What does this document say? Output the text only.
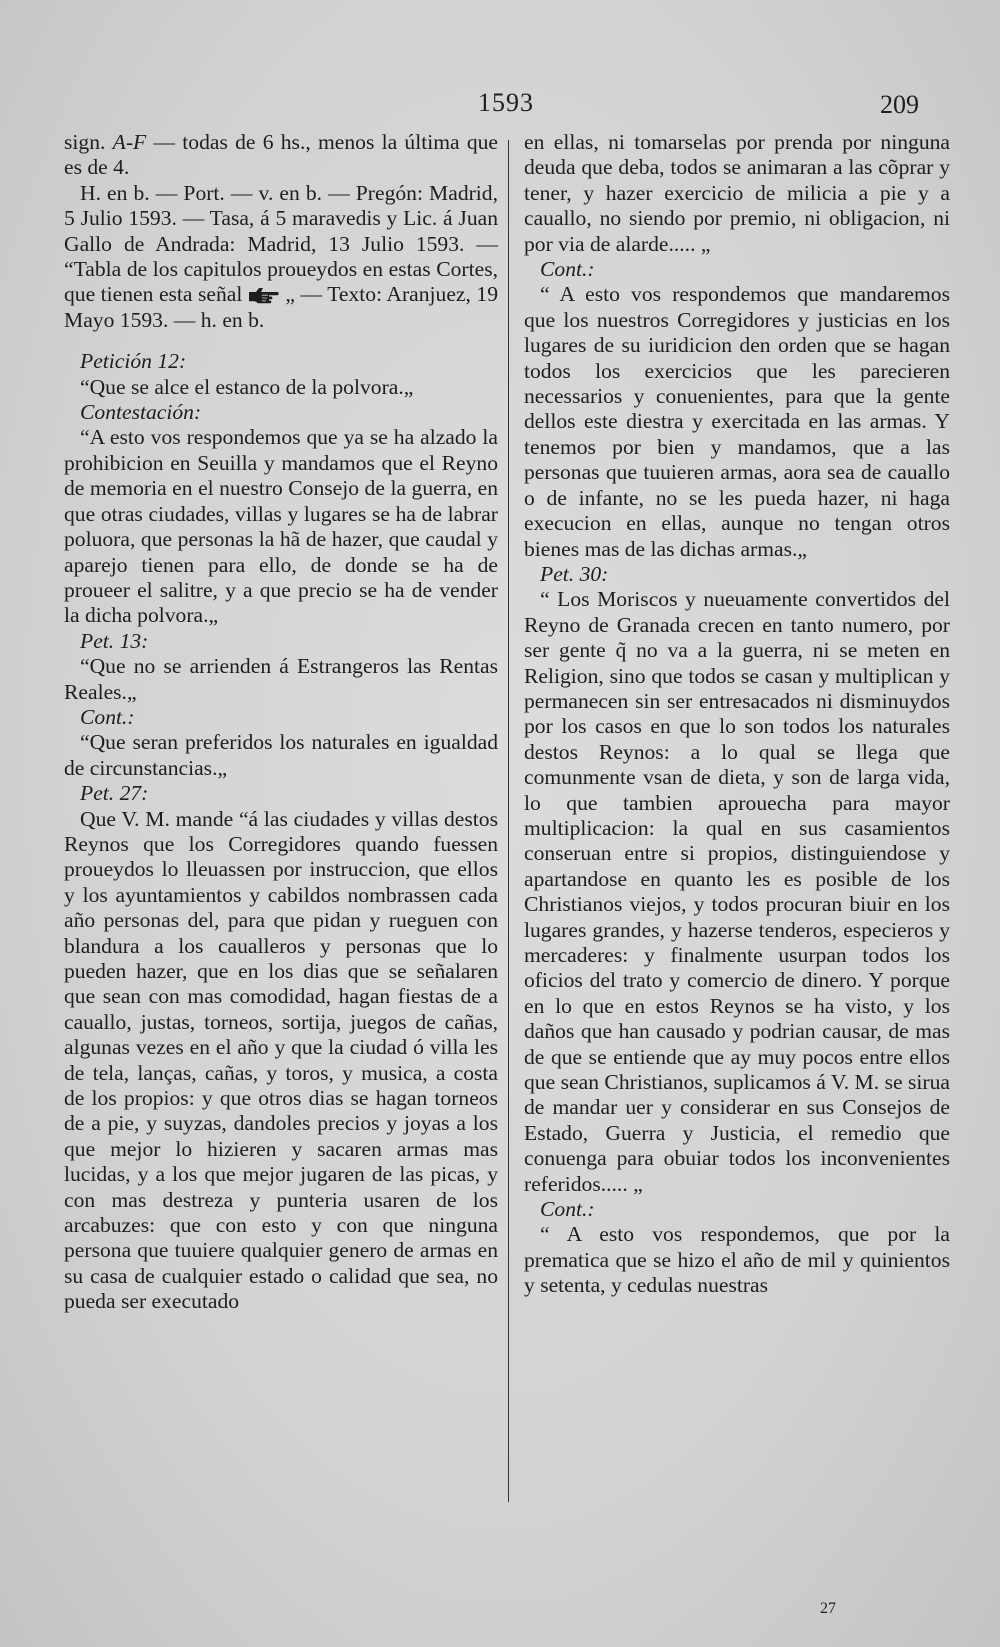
1593	209

sign. A-F — todas de 6 hs., menos la última que es de 4.

H. en b. — Port. — v. en b. — Pregón: Madrid, 5 Julio 1593. — Tasa, á 5 maravedis y Lic. á Juan Gallo de Andrada: Madrid, 13 Julio 1593. — “Tabla de los capitulos proueydos en estas Cortes, que tienen esta señal  „ — Texto: Aranjuez, 19 Mayo 1593. — h. en b.

Petición 12:

“Que se alce el estanco de la polvora.„

Contestación:

“A esto vos respondemos que ya se ha alzado la prohibicion en Seuilla y mandamos que el Reyno de memoria en el nuestro Consejo de la guerra, en que otras ciudades, villas y lugares se ha de labrar poluora, que personas la hã de hazer, que caudal y aparejo tienen para ello, de donde se ha de proueer el salitre, y a que precio se ha de vender la dicha polvora.„

Pet. 13:

“Que no se arrienden á Estrangeros las Rentas Reales.„

Cont.:

“Que seran preferidos los naturales en igualdad de circunstancias.„

Pet. 27:

Que V. M. mande “á las ciudades y villas destos Reynos que los Corregidores quando fuessen proueydos lo lleuassen por instruccion, que ellos y los ayuntamientos y cabildos nombrassen cada año personas del, para que pidan y rueguen con blandura a los caualleros y personas que lo pueden hazer, que en los dias que se señalaren que sean con mas comodidad, hagan fiestas de a cauallo, justas, torneos, sortija, juegos de cañas, algunas vezes en el año y que la ciudad ó villa les de tela, lanças, cañas, y toros, y musica, a costa de los propios: y que otros dias se hagan torneos de a pie, y suyzas, dandoles precios y joyas a los que mejor lo hizieren y sacaren armas mas lucidas, y a los que mejor jugaren de las picas, y con mas destreza y punteria usaren de los arcabuzes: que con esto y con que ninguna persona que tuuiere qualquier genero de armas en su casa de cualquier estado o calidad que sea, no pueda ser executado

en ellas, ni tomarselas por prenda por ninguna deuda que deba, todos se animaran a las cõprar y tener, y hazer exercicio de milicia a pie y a cauallo, no siendo por premio, ni obligacion, ni por via de alarde..... „

Cont.:

“ A esto vos respondemos que mandaremos que los nuestros Corregidores y justicias en los lugares de su iuridicion den orden que se hagan todos los exercicios que les parecieren necessarios y conuenientes, para que la gente dellos este diestra y exercitada en las armas. Y tenemos por bien y mandamos, que a las personas que tuuieren armas, aora sea de cauallo o de infante, no se les pueda hazer, ni haga execucion en ellas, aunque no tengan otros bienes mas de las dichas armas.„

Pet. 30:

“ Los Moriscos y nueuamente convertidos del Reyno de Granada crecen en tanto numero, por ser gente q̃ no va a la guerra, ni se meten en Religion, sino que todos se casan y multiplican y permanecen sin ser entresacados ni disminuydos por los casos en que lo son todos los naturales destos Reynos: a lo qual se llega que comunmente vsan de dieta, y son de larga vida, lo que tambien aprouecha para mayor multiplicacion: la qual en sus casamientos conseruan entre si propios, distinguiendose y apartandose en quanto les es posible de los Christianos viejos, y todos procuran biuir en los lugares grandes, y hazerse tenderos, especieros y mercaderes: y finalmente usurpan todos los oficios del trato y comercio de dinero. Y porque en lo que en estos Reynos se ha visto, y los daños que han causado y podrian causar, de mas de que se entiende que ay muy pocos entre ellos que sean Christianos, suplicamos á V. M. se sirua de mandar uer y considerar en sus Consejos de Estado, Guerra y Justicia, el remedio que conuenga para obuiar todos los inconvenientes referidos..... „

Cont.:

“ A esto vos respondemos, que por la prematica que se hizo el año de mil y quinientos y setenta, y cedulas nuestras

27
